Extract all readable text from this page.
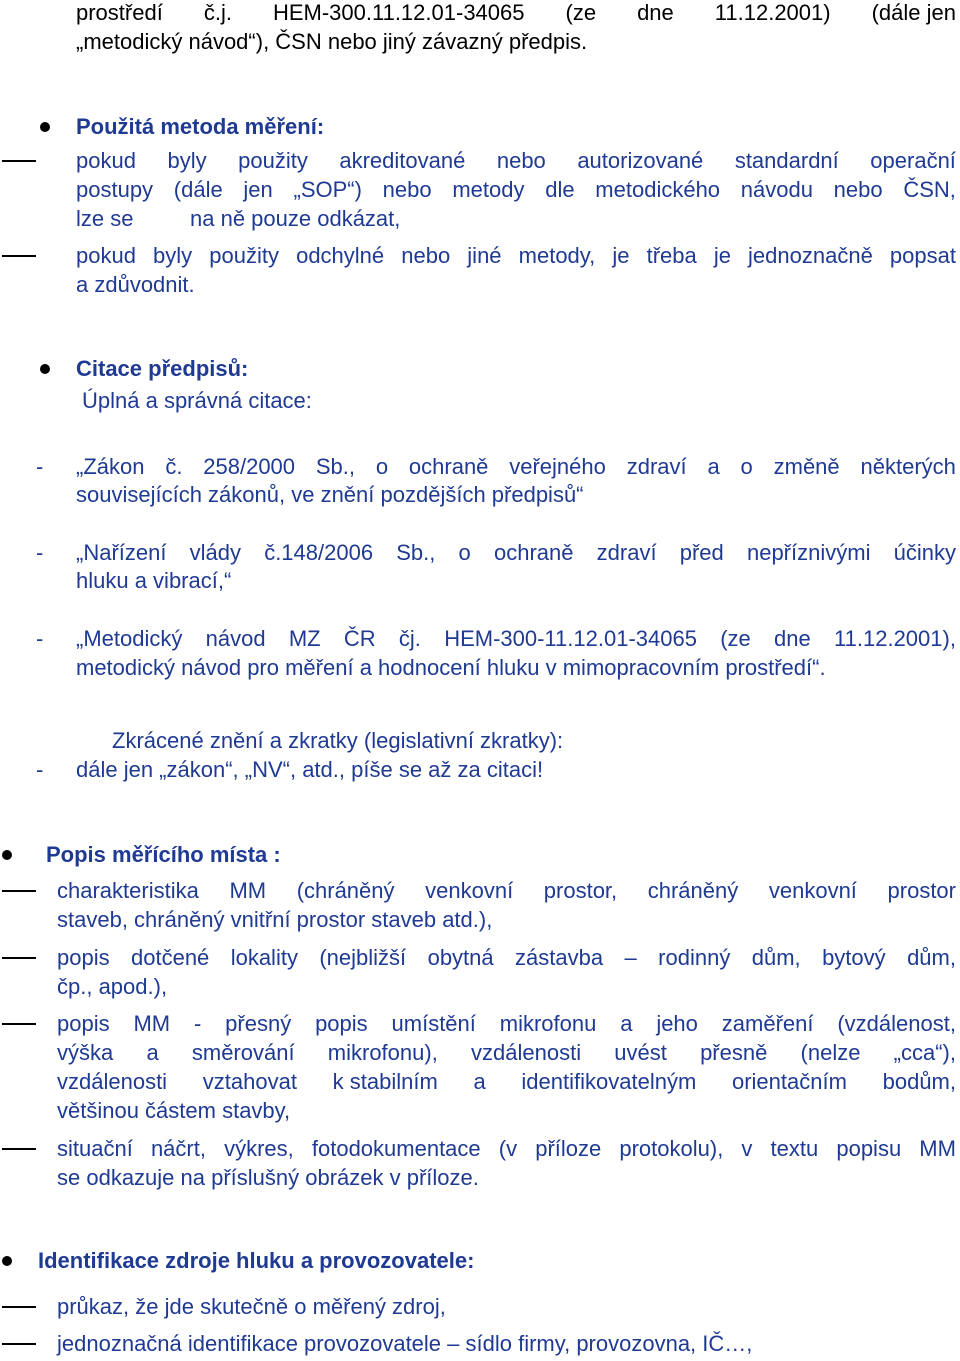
prostředí č.j. HEM-300.11.12.01-34065 (ze dne 11.12.2001) (dále jen
„metodický návod“), ČSN nebo jiný závazný předpis.
Použitá metoda měření:
pokud byly použity akreditované nebo autorizované standardní operační
postupy (dále jen „SOP“) nebo metody dle metodického návodu nebo ČSN,
lze se	na ně pouze odkázat,
pokud byly použity odchylné nebo jiné metody, je třeba je jednoznačně popsat
a zdůvodnit.
Citace předpisů:
Úplná a správná citace:
- „Zákon č. 258/2000 Sb., o ochraně veřejného zdraví a o změně některých
souvisejících zákonů, ve znění pozdějších předpisů“
- „Nařízení vlády č.148/2006 Sb., o ochraně zdraví před nepříznivými účinky
hluku a vibrací,“
- „Metodický návod MZ ČR čj. HEM-300-11.12.01-34065 (ze dne 11.12.2001),
metodický návod pro měření a hodnocení hluku v mimopracovním prostředí“.
Zkrácené znění a zkratky (legislativní zkratky):
- dále jen „zákon“, „NV“, atd., píše se až za citaci!
Popis měřícího místa :
charakteristika MM (chráněný venkovní prostor, chráněný venkovní prostor
staveb, chráněný vnitřní prostor staveb atd.),
popis dotčené lokality (nejbližší obytná zástavba – rodinný dům, bytový dům,
čp., apod.),
popis MM - přesný popis umístění mikrofonu a jeho zaměření (vzdálenost,
výška a směrování mikrofonu), vzdálenosti uvést přesně (nelze „cca“),
vzdálenosti vztahovat k stabilním a identifikovatelným orientačním bodům,
většinou částem stavby,
situační náčrt, výkres, fotodokumentace (v příloze protokolu), v textu popisu MM
se odkazuje na příslušný obrázek v příloze.
Identifikace zdroje hluku a provozovatele:
průkaz, že jde skutečně o měřený zdroj,
jednoznačná identifikace provozovatele – sídlo firmy, provozovna, IČ…,
